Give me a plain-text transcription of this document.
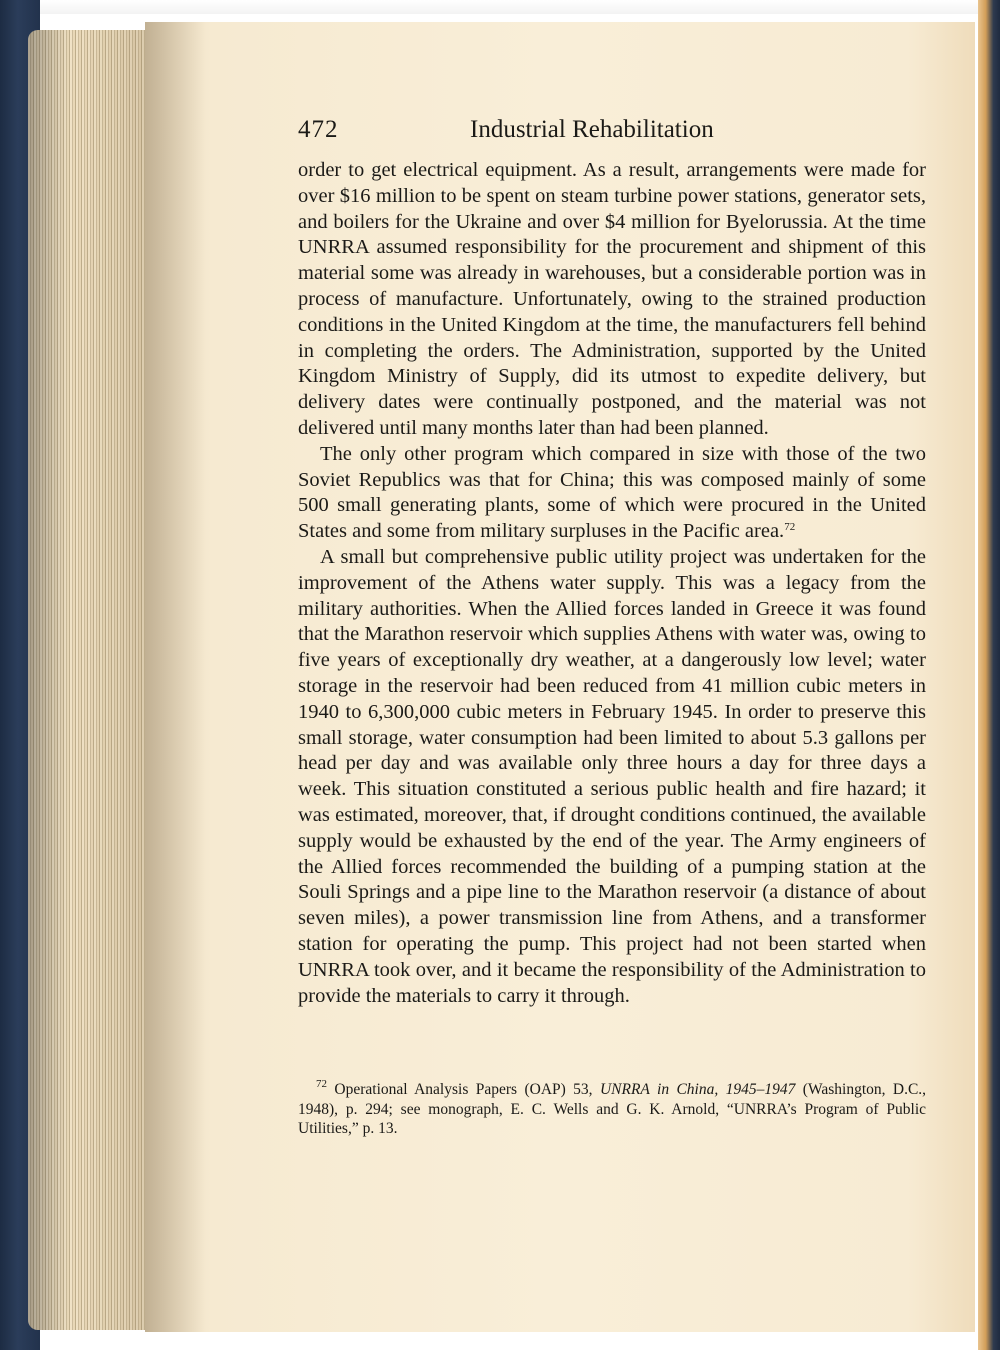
472	Industrial Rehabilitation

order to get electrical equipment. As a result, arrangements were made for over $16 million to be spent on steam turbine power stations, generator sets, and boilers for the Ukraine and over $4 million for Byelorussia. At the time UNRRA assumed responsibility for the procurement and shipment of this material some was already in warehouses, but a considerable portion was in process of manufacture. Unfortunately, owing to the strained production conditions in the United Kingdom at the time, the manufacturers fell behind in completing the orders. The Administration, supported by the United Kingdom Ministry of Supply, did its utmost to expedite delivery, but delivery dates were continually postponed, and the material was not delivered until many months later than had been planned.

The only other program which compared in size with those of the two Soviet Republics was that for China; this was composed mainly of some 500 small generating plants, some of which were procured in the United States and some from military surpluses in the Pacific area.$^{72}$

A small but comprehensive public utility project was undertaken for the improvement of the Athens water supply. This was a legacy from the military authorities. When the Allied forces landed in Greece it was found that the Marathon reservoir which supplies Athens with water was, owing to five years of exceptionally dry weather, at a dangerously low level; water storage in the reservoir had been reduced from 41 million cubic meters in 1940 to 6,300,000 cubic meters in February 1945. In order to preserve this small storage, water consumption had been limited to about 5.3 gallons per head per day and was available only three hours a day for three days a week. This situation constituted a serious public health and fire hazard; it was estimated, moreover, that, if drought conditions continued, the available supply would be exhausted by the end of the year. The Army engineers of the Allied forces recommended the building of a pumping station at the Souli Springs and a pipe line to the Marathon reservoir (a distance of about seven miles), a power transmission line from Athens, and a transformer station for operating the pump. This project had not been started when UNRRA took over, and it became the responsibility of the Administration to provide the materials to carry it through.

$^{72}$ Operational Analysis Papers (OAP) 53, UNRRA in China, 1945–1947 (Washington, D.C., 1948), p. 294; see monograph, E. C. Wells and G. K. Arnold, “UNRRA’s Program of Public Utilities,” p. 13.
